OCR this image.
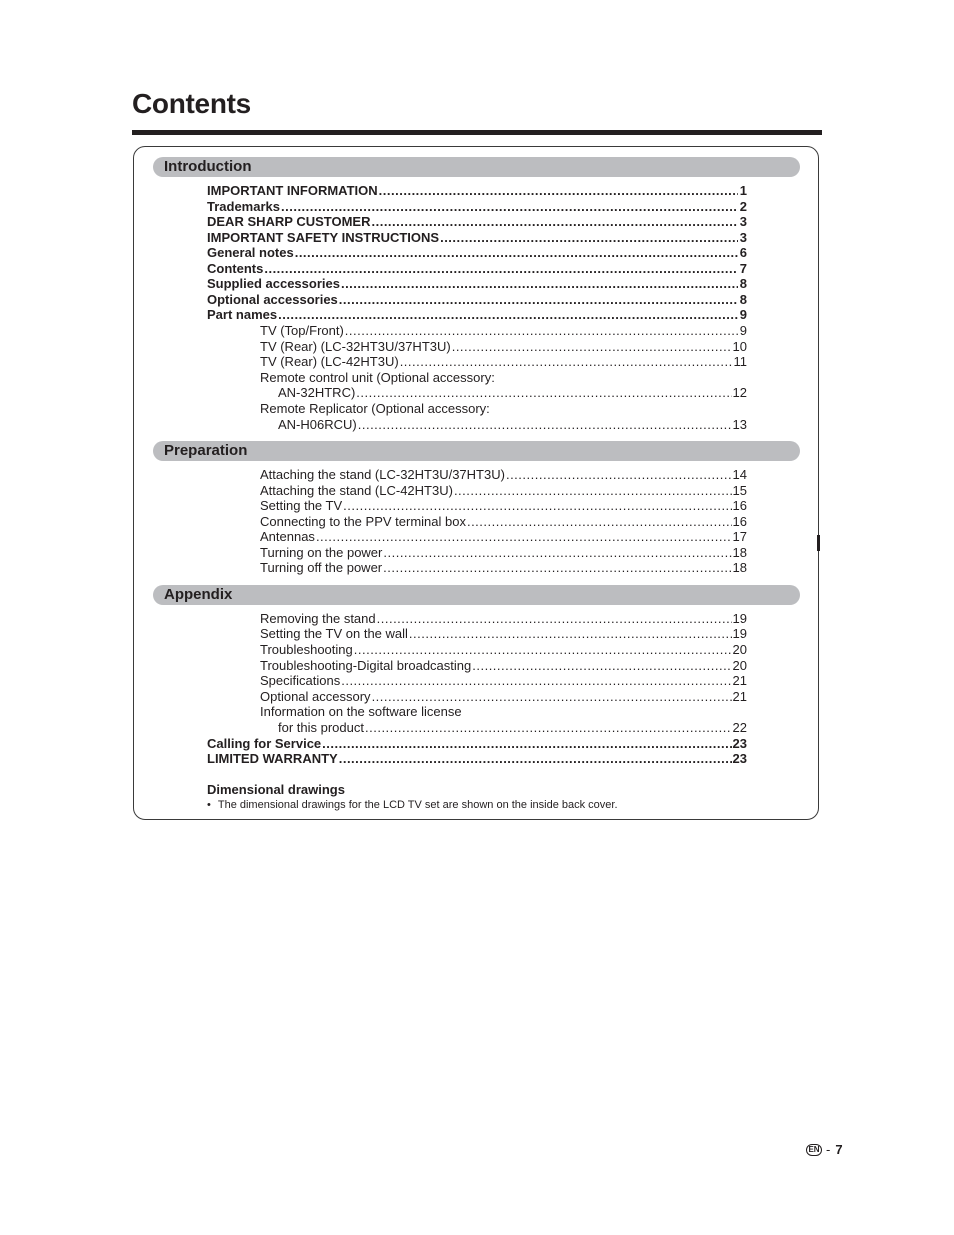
Contents
Introduction
IMPORTANT INFORMATION .....	1
Trademarks .....	2
DEAR SHARP CUSTOMER .....	3
IMPORTANT SAFETY INSTRUCTIONS .....	3
General notes .....	6
Contents .....	7
Supplied accessories .....	8
Optional accessories .....	8
Part names .....	9
TV (Top/Front) .....	9
TV (Rear) (LC-32HT3U/37HT3U) .....	10
TV (Rear) (LC-42HT3U) .....	11
Remote control unit (Optional accessory:
AN-32HTRC) .....	12
Remote Replicator (Optional accessory:
AN-H06RCU) .....	13
Preparation
Attaching the stand (LC-32HT3U/37HT3U) .....	14
Attaching the stand (LC-42HT3U) .....	15
Setting the TV .....	16
Connecting to the PPV terminal box .....	16
Antennas .....	17
Turning on the power .....	18
Turning off the power .....	18
Appendix
Removing the stand .....	19
Setting the TV on the wall .....	19
Troubleshooting .....	20
Troubleshooting-Digital broadcasting .....	20
Specifications .....	21
Optional accessory .....	21
Information on the software license
for this product .....	22
Calling for Service .....	23
LIMITED WARRANTY .....	23
Dimensional drawings
• The dimensional drawings for the LCD TV set are shown on the inside back cover.
EN - 7
